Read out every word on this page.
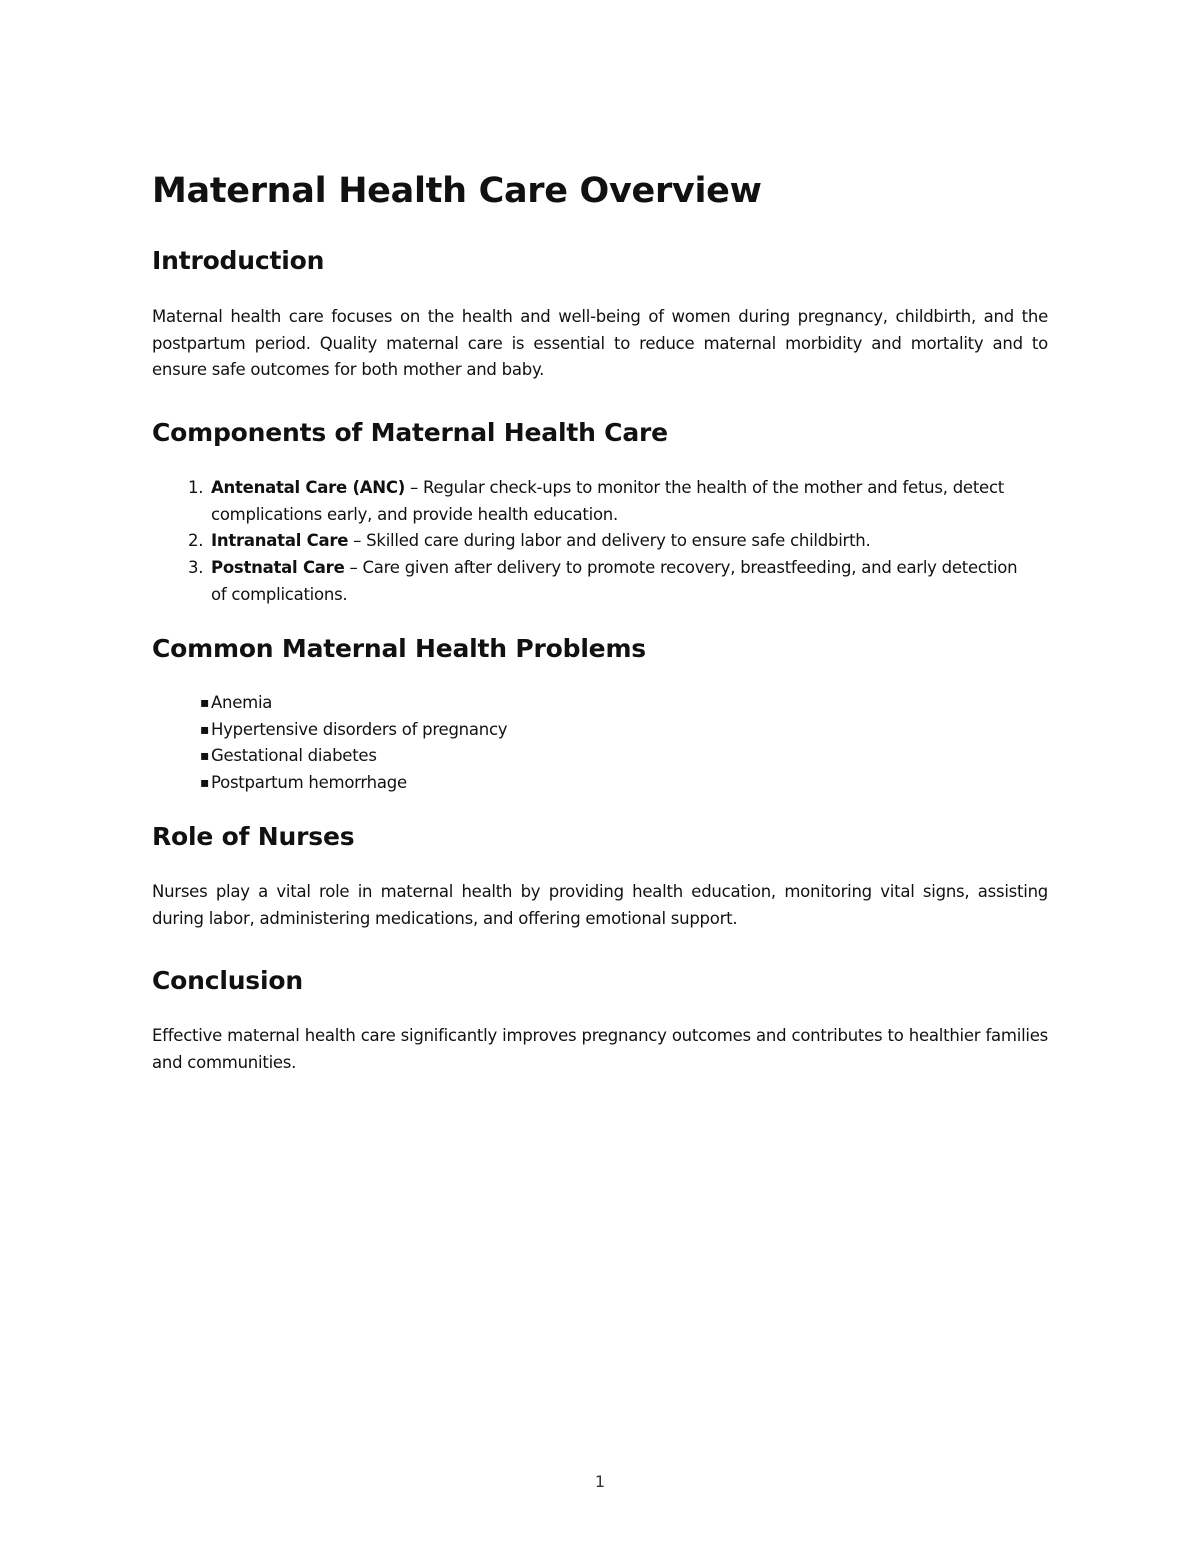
Maternal Health Care Overview
Introduction

Maternal health care focuses on the health and well-being of women during pregnancy, childbirth, and the postpartum period. Quality maternal care is essential to reduce maternal morbidity and mortality and to ensure safe outcomes for both mother and baby.

Components of Maternal Health Care
1. Antenatal Care (ANC) – Regular check-ups to monitor the health of the mother and fetus, detect complications early, and provide health education.
2. Intranatal Care – Skilled care during labor and delivery to ensure safe childbirth.
3. Postnatal Care – Care given after delivery to promote recovery, breastfeeding, and early detection of complications.
Common Maternal Health Problems
▪ Anemia
▪ Hypertensive disorders of pregnancy
▪ Gestational diabetes
▪ Postpartum hemorrhage
Role of Nurses

Nurses play a vital role in maternal health by providing health education, monitoring vital signs, assisting during labor, administering medications, and offering emotional support.

Conclusion

Effective maternal health care significantly improves pregnancy outcomes and contributes to healthier families and communities.

1
